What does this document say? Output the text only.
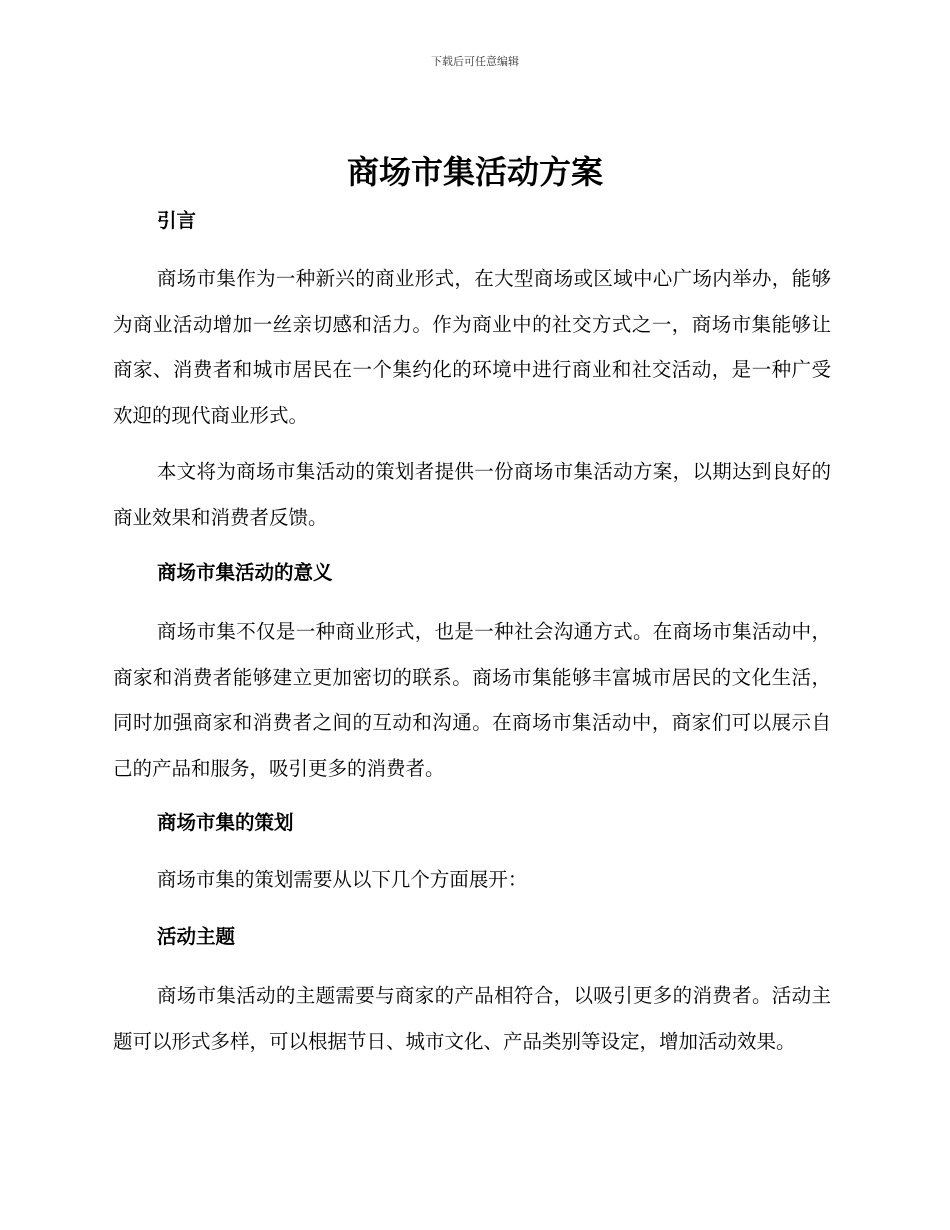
下载后可任意编辑
商场市集活动方案
引言

商场市集作为一种新兴的商业形式，在大型商场或区域中心广场内举办，能够为商业活动增加一丝亲切感和活力。作为商业中的社交方式之一，商场市集能够让商家、消费者和城市居民在一个集约化的环境中进行商业和社交活动，是一种广受欢迎的现代商业形式。

本文将为商场市集活动的策划者提供一份商场市集活动方案，以期达到良好的商业效果和消费者反馈。

商场市集活动的意义

商场市集不仅是一种商业形式，也是一种社会沟通方式。在商场市集活动中，商家和消费者能够建立更加密切的联系。商场市集能够丰富城市居民的文化生活，同时加强商家和消费者之间的互动和沟通。在商场市集活动中，商家们可以展示自己的产品和服务，吸引更多的消费者。

商场市集的策划

商场市集的策划需要从以下几个方面展开：

活动主题

商场市集活动的主题需要与商家的产品相符合，以吸引更多的消费者。活动主题可以形式多样，可以根据节日、城市文化、产品类别等设定，增加活动效果。
